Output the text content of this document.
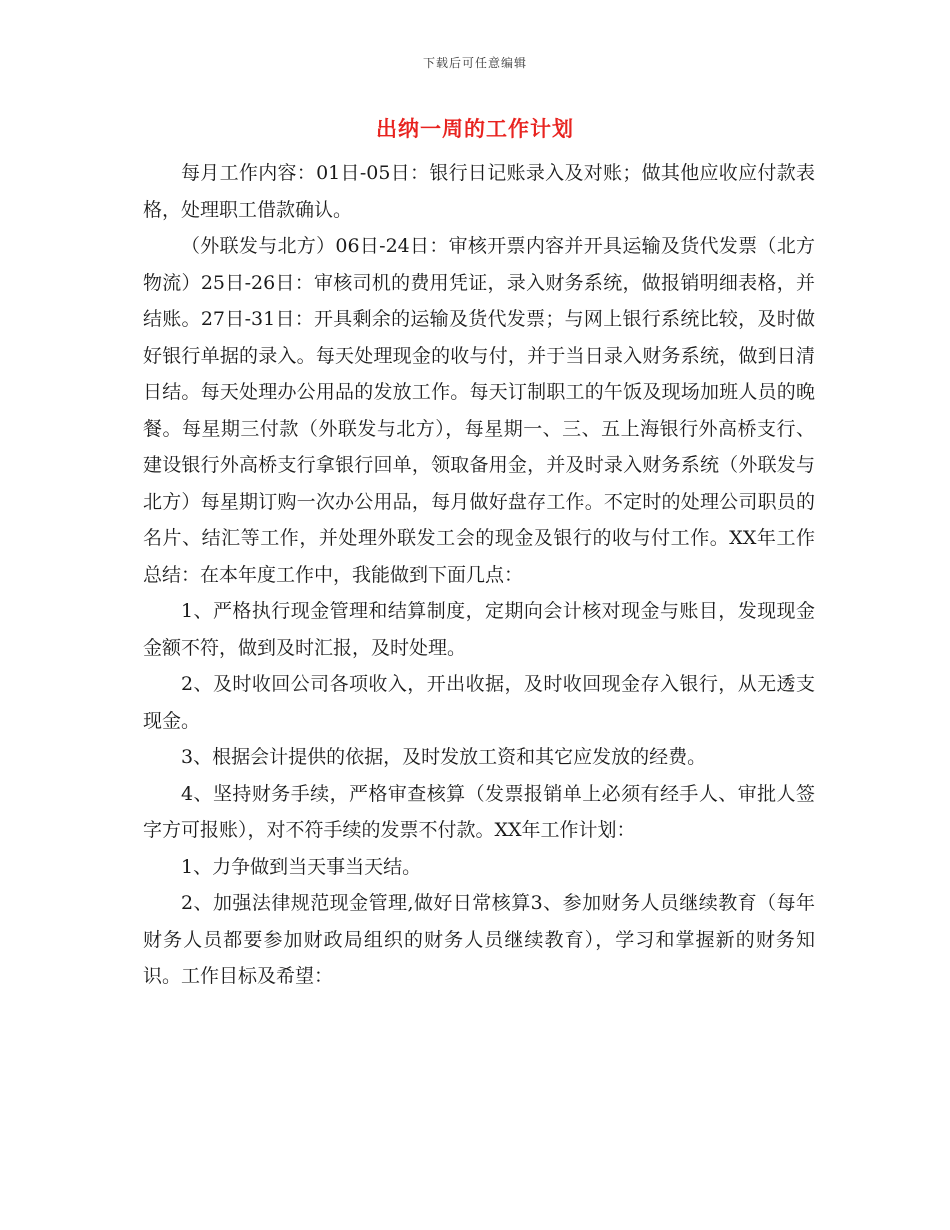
下载后可任意编辑
出纳一周的工作计划

每月工作内容：01日-05日：银行日记账录入及对账；做其他应收应付款表格，处理职工借款确认。

（外联发与北方）06日-24日：审核开票内容并开具运输及货代发票（北方物流）25日-26日：审核司机的费用凭证，录入财务系统，做报销明细表格，并结账。27日-31日：开具剩余的运输及货代发票；与网上银行系统比较，及时做好银行单据的录入。每天处理现金的收与付，并于当日录入财务系统，做到日清日结。每天处理办公用品的发放工作。每天订制职工的午饭及现场加班人员的晚餐。每星期三付款（外联发与北方），每星期一、三、五上海银行外高桥支行、建设银行外高桥支行拿银行回单，领取备用金，并及时录入财务系统（外联发与北方）每星期订购一次办公用品，每月做好盘存工作。不定时的处理公司职员的名片、结汇等工作，并处理外联发工会的现金及银行的收与付工作。XX年工作总结：在本年度工作中，我能做到下面几点：

1、严格执行现金管理和结算制度，定期向会计核对现金与账目，发现现金金额不符，做到及时汇报，及时处理。

2、及时收回公司各项收入，开出收据，及时收回现金存入银行，从无透支现金。

3、根据会计提供的依据，及时发放工资和其它应发放的经费。

4、坚持财务手续，严格审查核算（发票报销单上必须有经手人、审批人签字方可报账），对不符手续的发票不付款。XX年工作计划：

1、力争做到当天事当天结。

2、加强法律规范现金管理,做好日常核算3、参加财务人员继续教育（每年财务人员都要参加财政局组织的财务人员继续教育），学习和掌握新的财务知识。工作目标及希望：
